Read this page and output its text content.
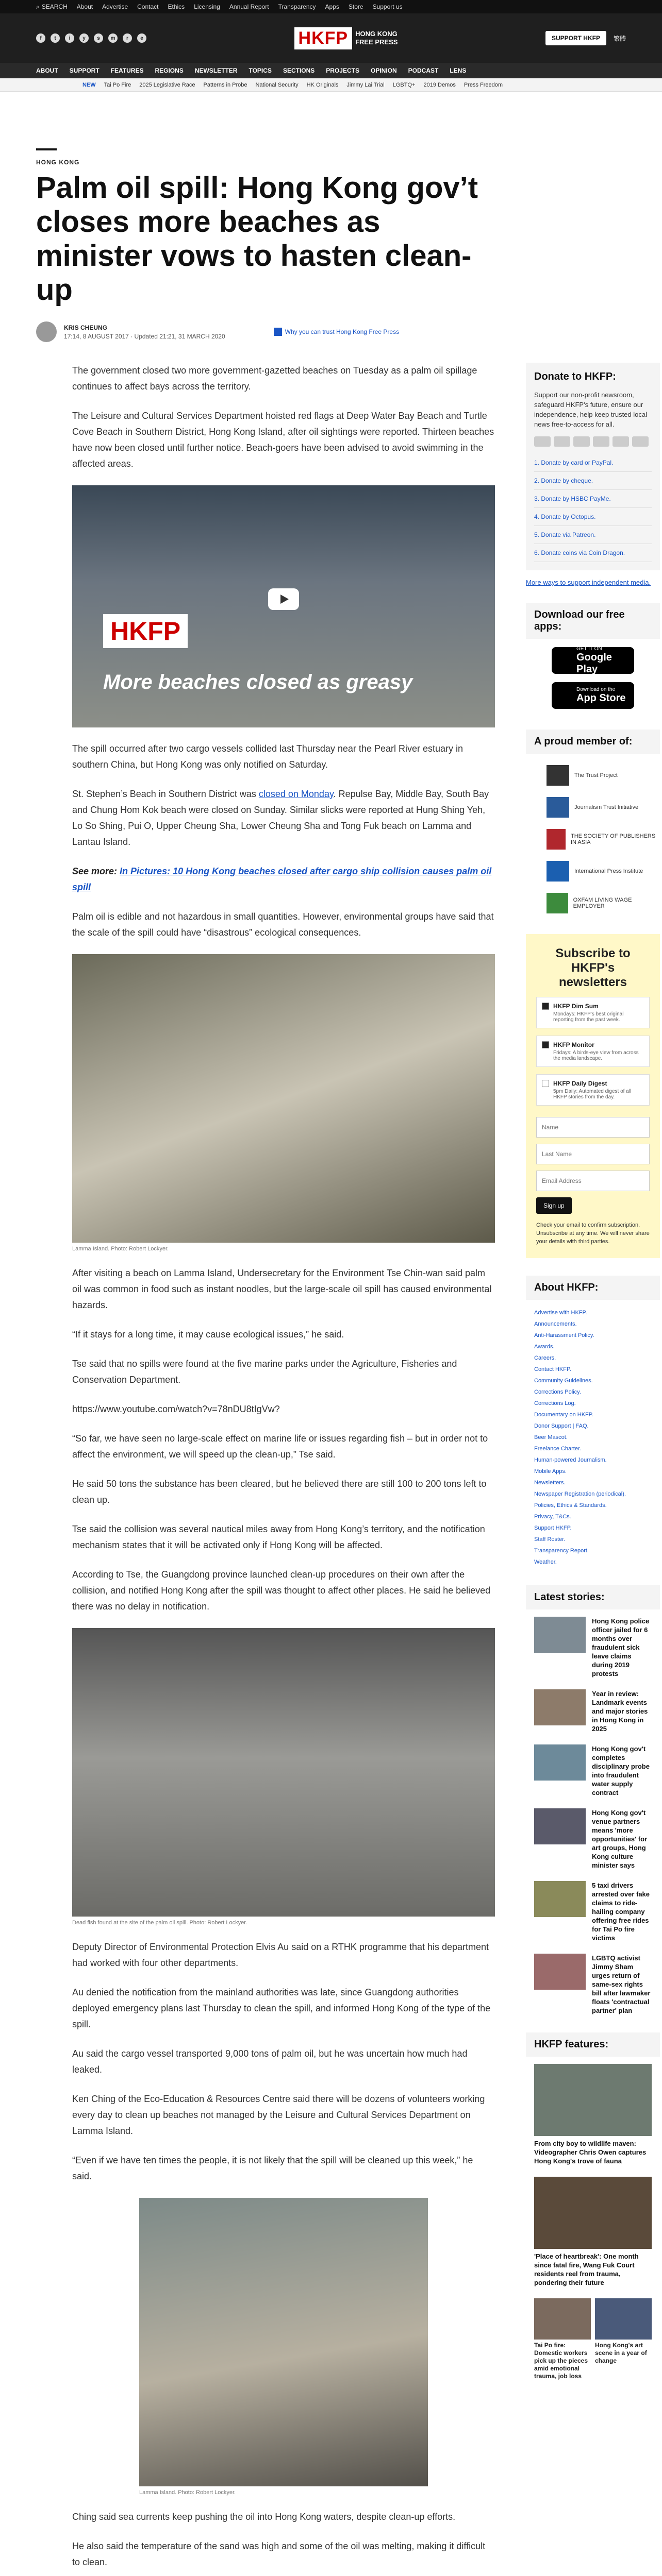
⌕ SEARCH About Advertise Contact Ethics Licensing Annual Report Transparency Apps Store Support us
f	t	i	y	s	m	r	e	HKFP	HONG KONG
FREE PRESS	SUPPORT HKFP	繁體
ABOUT SUPPORT FEATURES REGIONS NEWSLETTER TOPICS SECTIONS PROJECTS OPINION PODCAST LENS
NEW Tai Po Fire 2025 Legislative Race Patterns in Probe National Security HK Originals Jimmy Lai Trial LGBTQ+ 2019 Demos Press Freedom
HONG KONG
Palm oil spill: Hong Kong gov’t closes more beaches as minister vows to hasten clean-up
KRIS CHEUNG
17:14, 8 AUGUST 2017 · Updated 21:21, 31 MARCH 2020
Why you can trust Hong Kong Free Press

The government closed two more government-gazetted beaches on Tuesday as a palm oil spillage continues to affect bays across the territory.

The Leisure and Cultural Services Department hoisted red flags at Deep Water Bay Beach and Turtle Cove Beach in Southern District, Hong Kong Island, after oil sightings were reported. Thirteen beaches have now been closed until further notice. Beach-goers have been advised to avoid swimming in the affected areas.

HKFP
More beaches closed as greasy

The spill occurred after two cargo vessels collided last Thursday near the Pearl River estuary in southern China, but Hong Kong was only notified on Saturday.

St. Stephen’s Beach in Southern District was closed on Monday. Repulse Bay, Middle Bay, South Bay and Chung Hom Kok beach were closed on Sunday. Similar slicks were reported at Hung Shing Yeh, Lo So Shing, Pui O, Upper Cheung Sha, Lower Cheung Sha and Tong Fuk beach on Lamma and Lantau Island.

See more: In Pictures: 10 Hong Kong beaches closed after cargo ship collision causes palm oil spill

Palm oil is edible and not hazardous in small quantities. However, environmental groups have said that the scale of the spill could have “disastrous” ecological consequences.

Lamma Island. Photo: Robert Lockyer.

After visiting a beach on Lamma Island, Undersecretary for the Environment Tse Chin-wan said palm oil was common in food such as instant noodles, but the large-scale oil spill has caused environmental hazards.

“If it stays for a long time, it may cause ecological issues,” he said.

Tse said that no spills were found at the five marine parks under the Agriculture, Fisheries and Conservation Department.

https://www.youtube.com/watch?v=78nDU8tIgVw?

“So far, we have seen no large-scale effect on marine life or issues regarding fish – but in order not to affect the environment, we will speed up the clean-up,” Tse said.

He said 50 tons the substance has been cleared, but he believed there are still 100 to 200 tons left to clean up.

Tse said the collision was several nautical miles away from Hong Kong’s territory, and the notification mechanism states that it will be activated only if Hong Kong will be affected.

According to Tse, the Guangdong province launched clean-up procedures on their own after the collision, and notified Hong Kong after the spill was thought to affect other places. He said he believed there was no delay in notification.

Dead fish found at the site of the palm oil spill. Photo: Robert Lockyer.

Deputy Director of Environmental Protection Elvis Au said on a RTHK programme that his department had worked with four other departments.

Au denied the notification from the mainland authorities was late, since Guangdong authorities deployed emergency plans last Thursday to clean the spill, and informed Hong Kong of the type of the spill.

Au said the cargo vessel transported 9,000 tons of palm oil, but he was uncertain how much had leaked.

Ken Ching of the Eco-Education & Resources Centre said there will be dozens of volunteers working every day to clean up beaches not managed by the Leisure and Cultural Services Department on Lamma Island.

“Even if we have ten times the people, it is not likely that the spill will be cleaned up this week,” he said.

Lamma Island. Photo: Robert Lockyer.

Ching said sea currents keep pushing the oil into Hong Kong waters, despite clean-up efforts.

He also said the temperature of the sand was high and some of the oil was melting, making it difficult to clean.

Donate to HKFP:

Support our non-profit newsroom, safeguard HKFP's future, ensure our independence, help keep trusted local news free-to-access for all.

1. Donate by card or PayPal.
2. Donate by cheque.
3. Donate by HSBC PayMe.
4. Donate by Octopus.
5. Donate via Patreon.
6. Donate coins via Coin Dragon.

More ways to support independent media.

Download our free apps:
GET IT ON
Google Play
Download on the
App Store
A proud member of:
The Trust Project
Journalism Trust Initiative
THE SOCIETY OF PUBLISHERS IN ASIA
International Press Institute
OXFAM LIVING WAGE EMPLOYER
Subscribe to HKFP's newsletters
HKFP Dim Sum
Mondays: HKFP's best original reporting from the past week.
HKFP Monitor
Fridays: A birds-eye view from across the media landscape.
HKFP Daily Digest
5pm Daily: Automated digest of all HKFP stories from the day.
Name Last Name Email Address Sign up

Check your email to confirm subscription. Unsubscribe at any time. We will never share your details with third parties.

About HKFP:
Advertise with HKFP.
Announcements.
Anti-Harassment Policy.
Awards.
Careers.
Contact HKFP.
Community Guidelines.
Corrections Policy.
Corrections Log.
Documentary on HKFP.
Donor Support | FAQ.
Beer Mascot.
Freelance Charter.
Human-powered Journalism.
Mobile Apps.
Newsletters.
Newspaper Registration (periodical).
Policies, Ethics & Standards.
Privacy, T&Cs.
Support HKFP.
Staff Roster.
Transparency Report.
Weather.
Latest stories:
Hong Kong police officer jailed for 6 months over fraudulent sick leave claims during 2019 protests
Year in review: Landmark events and major stories in Hong Kong in 2025
Hong Kong gov't completes disciplinary probe into fraudulent water supply contract
Hong Kong gov't venue partners means 'more opportunities' for art groups, Hong Kong culture minister says
5 taxi drivers arrested over fake claims to ride-hailing company offering free rides for Tai Po fire victims
LGBTQ activist Jimmy Sham urges return of same-sex rights bill after lawmaker floats 'contractual partner' plan
HKFP features:
From city boy to wildlife maven: Videographer Chris Owen captures Hong Kong's trove of fauna
'Place of heartbreak': One month since fatal fire, Wang Fuk Court residents reel from trauma, pondering their future
Tai Po fire: Domestic workers pick up the pieces amid emotional trauma, job loss
Hong Kong's art scene in a year of change
